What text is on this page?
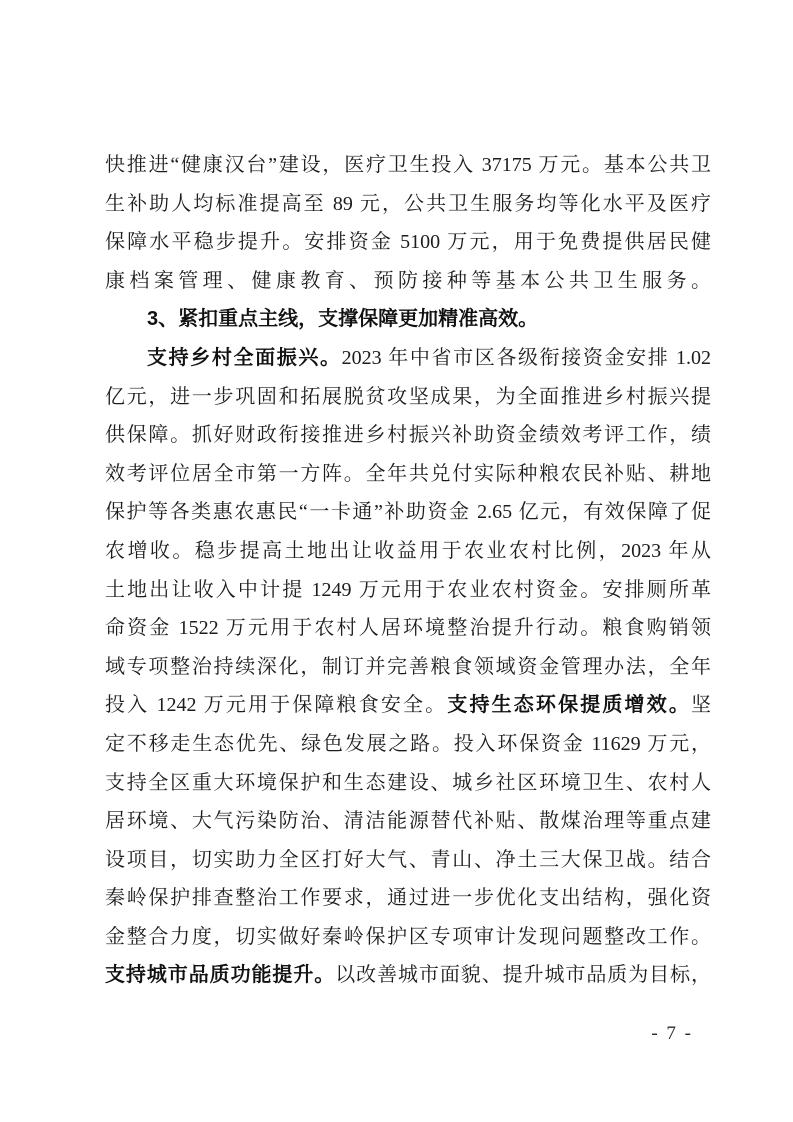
快推进“健康汉台”建设，医疗卫生投入 37175 万元。基本公共卫

生补助人均标准提高至 89 元，公共卫生服务均等化水平及医疗

保障水平稳步提升。安排资金 5100 万元，用于免费提供居民健

康档案管理、健康教育、预防接种等基本公共卫生服务。

3、紧扣重点主线，支撑保障更加精准高效。

支持乡村全面振兴。2023 年中省市区各级衔接资金安排 1.02

亿元，进一步巩固和拓展脱贫攻坚成果，为全面推进乡村振兴提

供保障。抓好财政衔接推进乡村振兴补助资金绩效考评工作，绩

效考评位居全市第一方阵。全年共兑付实际种粮农民补贴、耕地

保护等各类惠农惠民“一卡通”补助资金 2.65 亿元，有效保障了促

农增收。稳步提高土地出让收益用于农业农村比例，2023 年从

土地出让收入中计提 1249 万元用于农业农村资金。安排厕所革

命资金 1522 万元用于农村人居环境整治提升行动。粮食购销领

域专项整治持续深化，制订并完善粮食领域资金管理办法，全年

投入 1242 万元用于保障粮食安全。支持生态环保提质增效。坚

定不移走生态优先、绿色发展之路。投入环保资金 11629 万元，

支持全区重大环境保护和生态建设、城乡社区环境卫生、农村人

居环境、大气污染防治、清洁能源替代补贴、散煤治理等重点建

设项目，切实助力全区打好大气、青山、净土三大保卫战。结合

秦岭保护排查整治工作要求，通过进一步优化支出结构，强化资

金整合力度，切实做好秦岭保护区专项审计发现问题整改工作。

支持城市品质功能提升。以改善城市面貌、提升城市品质为目标，

- 7 -
